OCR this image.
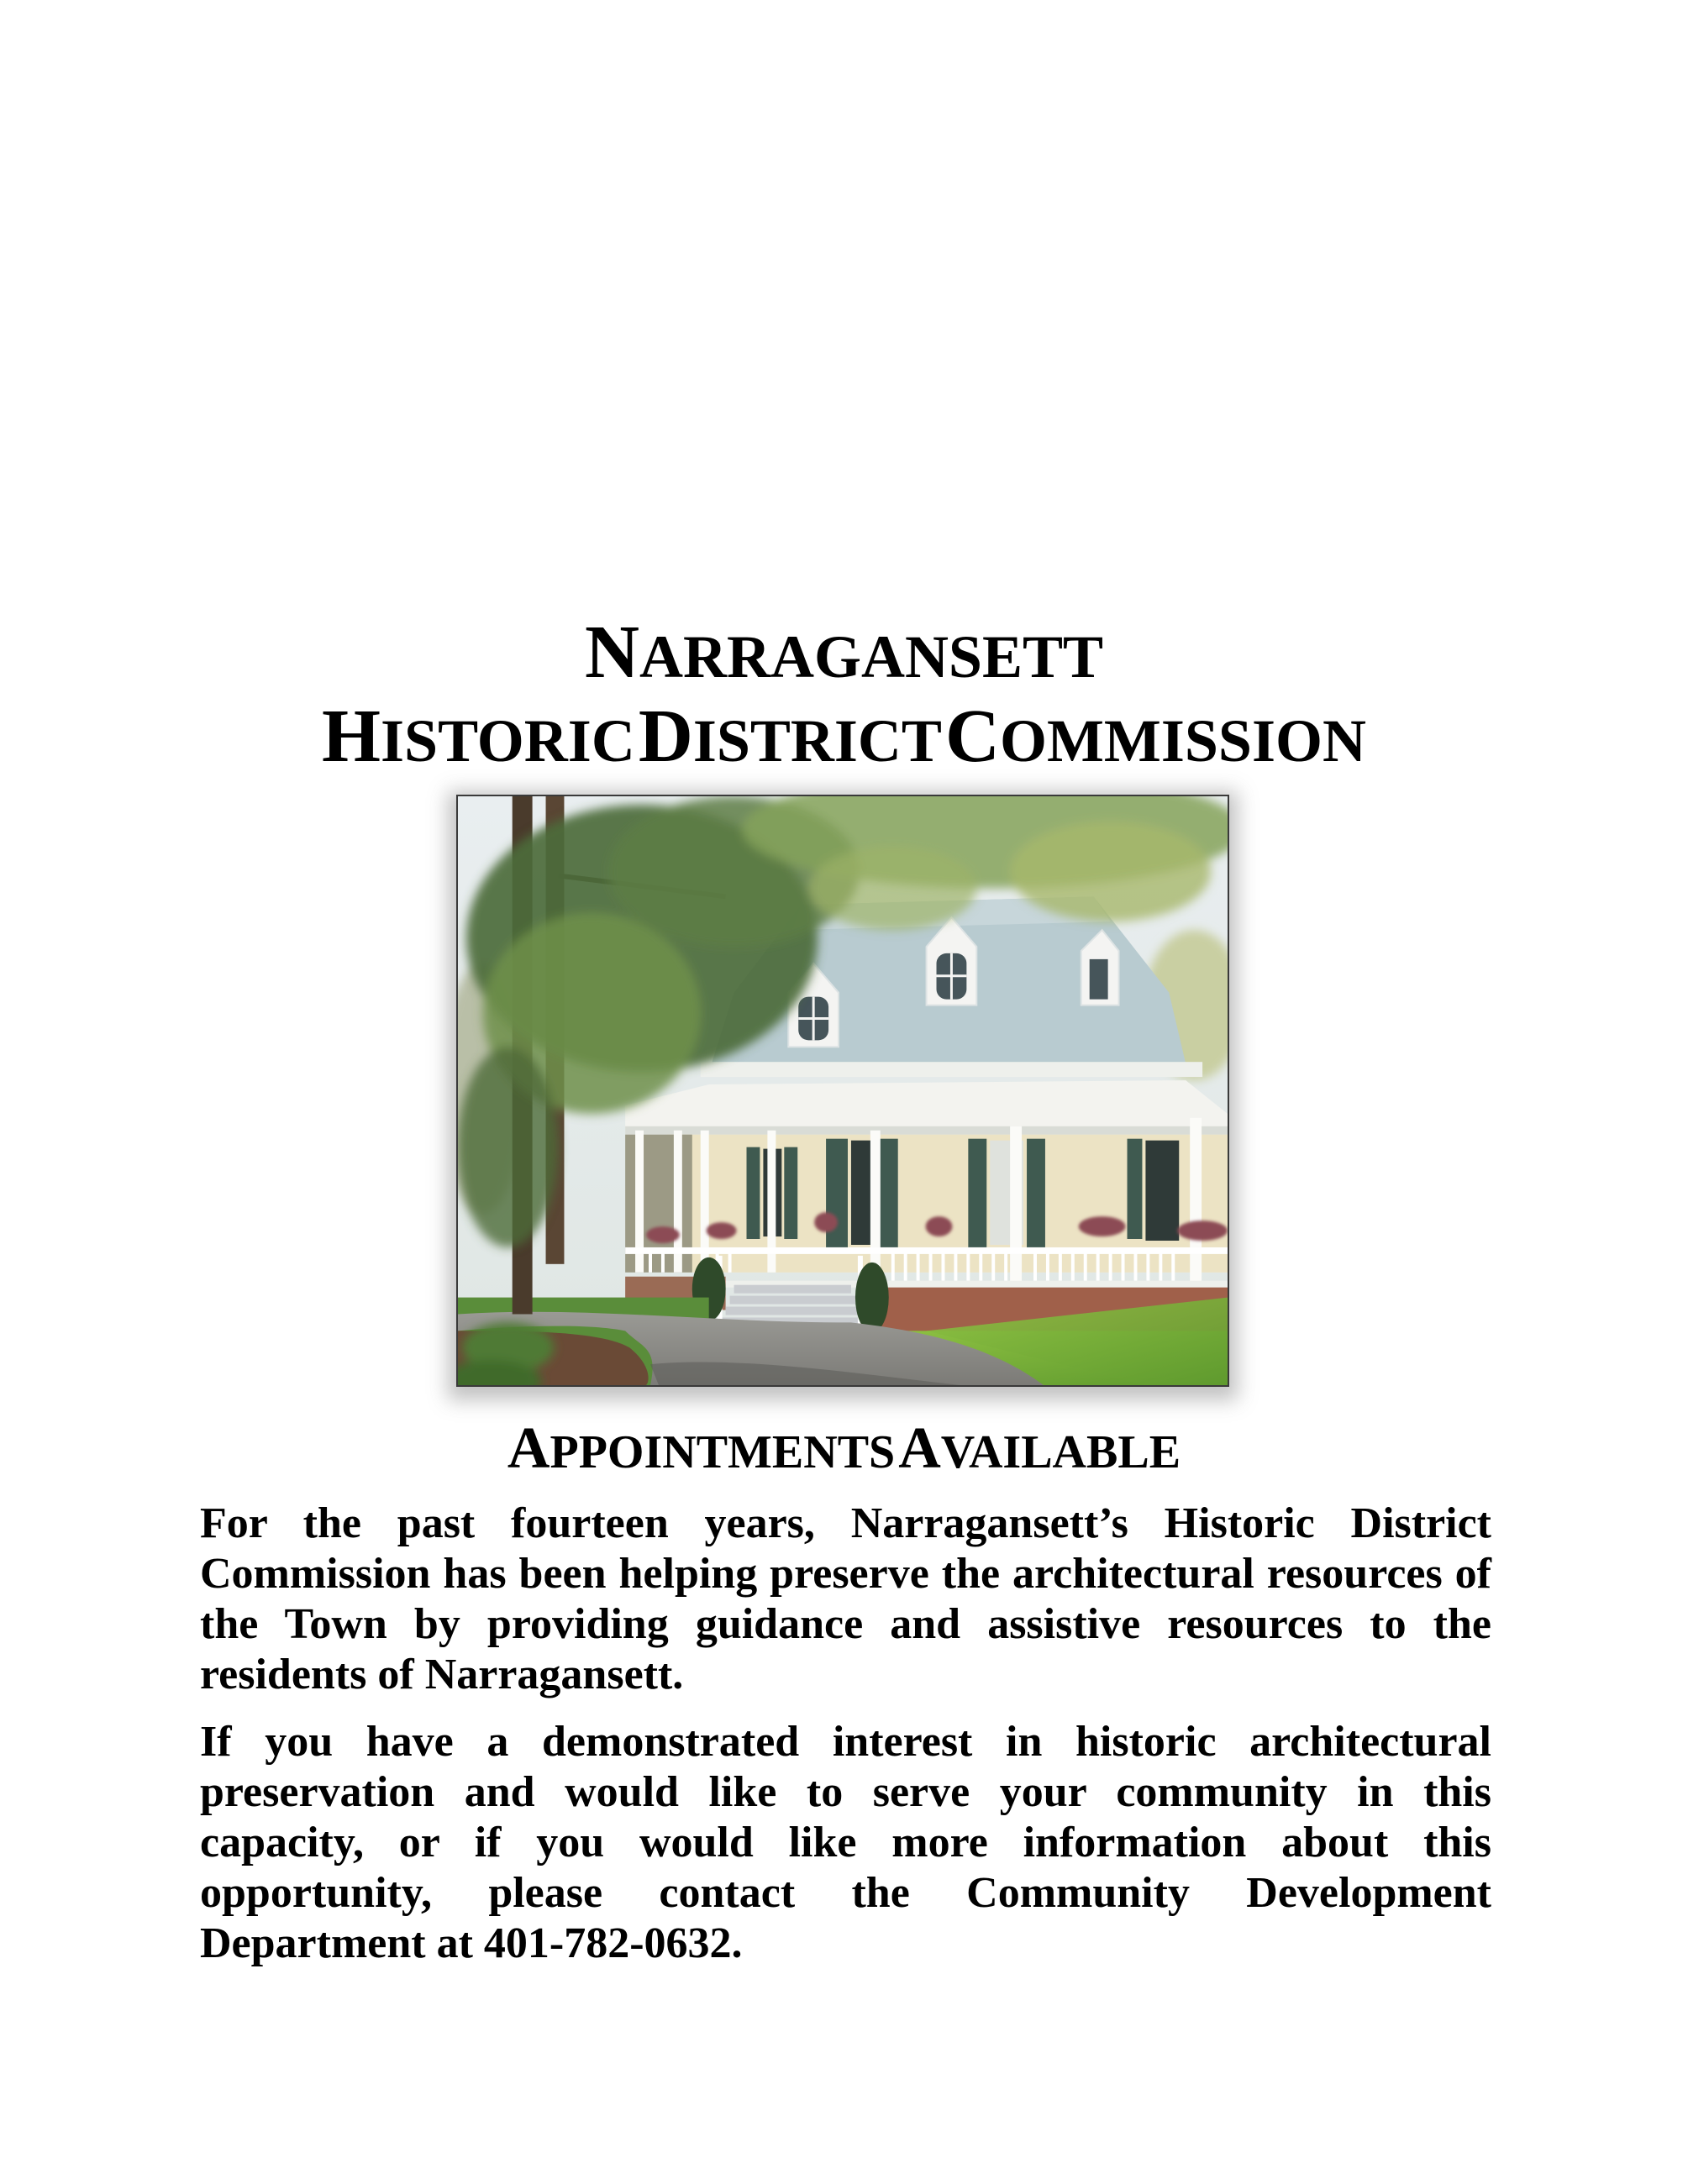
NARRAGANSETT
HISTORIC DISTRICT COMMISSION
APPOINTMENTS AVAILABLE

For the past fourteen years, Narragansett’s Historic District Commission has been helping preserve the architectural resources of the Town by providing guidance and assistive resources to the residents of Narragansett.

If you have a demonstrated interest in historic architectural preservation and would like to serve your community in this capacity, or if you would like more information about this opportunity, please contact the Community Development Department at 401-782-0632.
